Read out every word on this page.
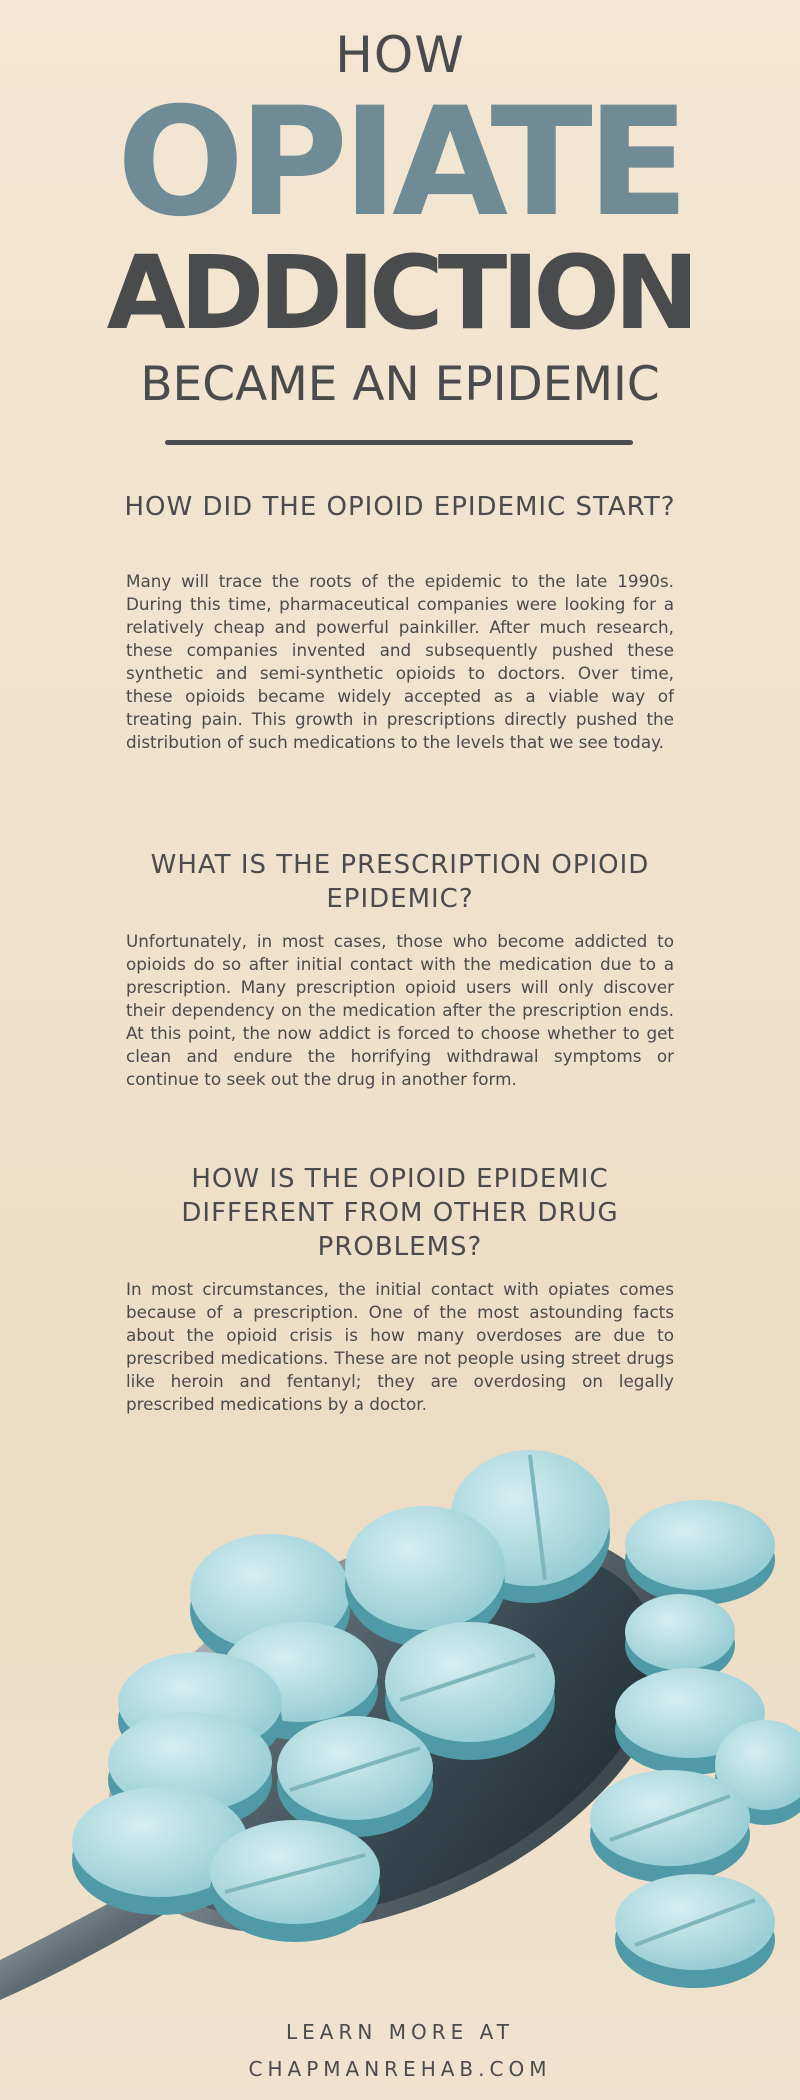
HOW
OPIATE
ADDICTION
BECAME AN EPIDEMIC
HOW DID THE OPIOID EPIDEMIC START?
Many will trace the roots of the epidemic to the late 1990s. During this time, pharmaceutical companies were looking for a relatively cheap and powerful painkiller. After much research, these companies invented and subsequently pushed these synthetic and semi-synthetic opioids to doctors. Over time, these opioids became widely accepted as a viable way of treating pain. This growth in prescriptions directly pushed the distribution of such medications to the levels that we see today.
WHAT IS THE PRESCRIPTION OPIOID EPIDEMIC?
Unfortunately, in most cases, those who become addicted to opioids do so after initial contact with the medication due to a prescription. Many prescription opioid users will only discover their dependency on the medication after the prescription ends. At this point, the now addict is forced to choose whether to get clean and endure the horrifying withdrawal symptoms or continue to seek out the drug in another form.
HOW IS THE OPIOID EPIDEMIC DIFFERENT FROM OTHER DRUG PROBLEMS?
In most circumstances, the initial contact with opiates comes because of a prescription. One of the most astounding facts about the opioid crisis is how many overdoses are due to prescribed medications. These are not people using street drugs like heroin and fentanyl; they are overdosing on legally prescribed medications by a doctor.
LEARN MORE AT
CHAPMANREHAB.COM
